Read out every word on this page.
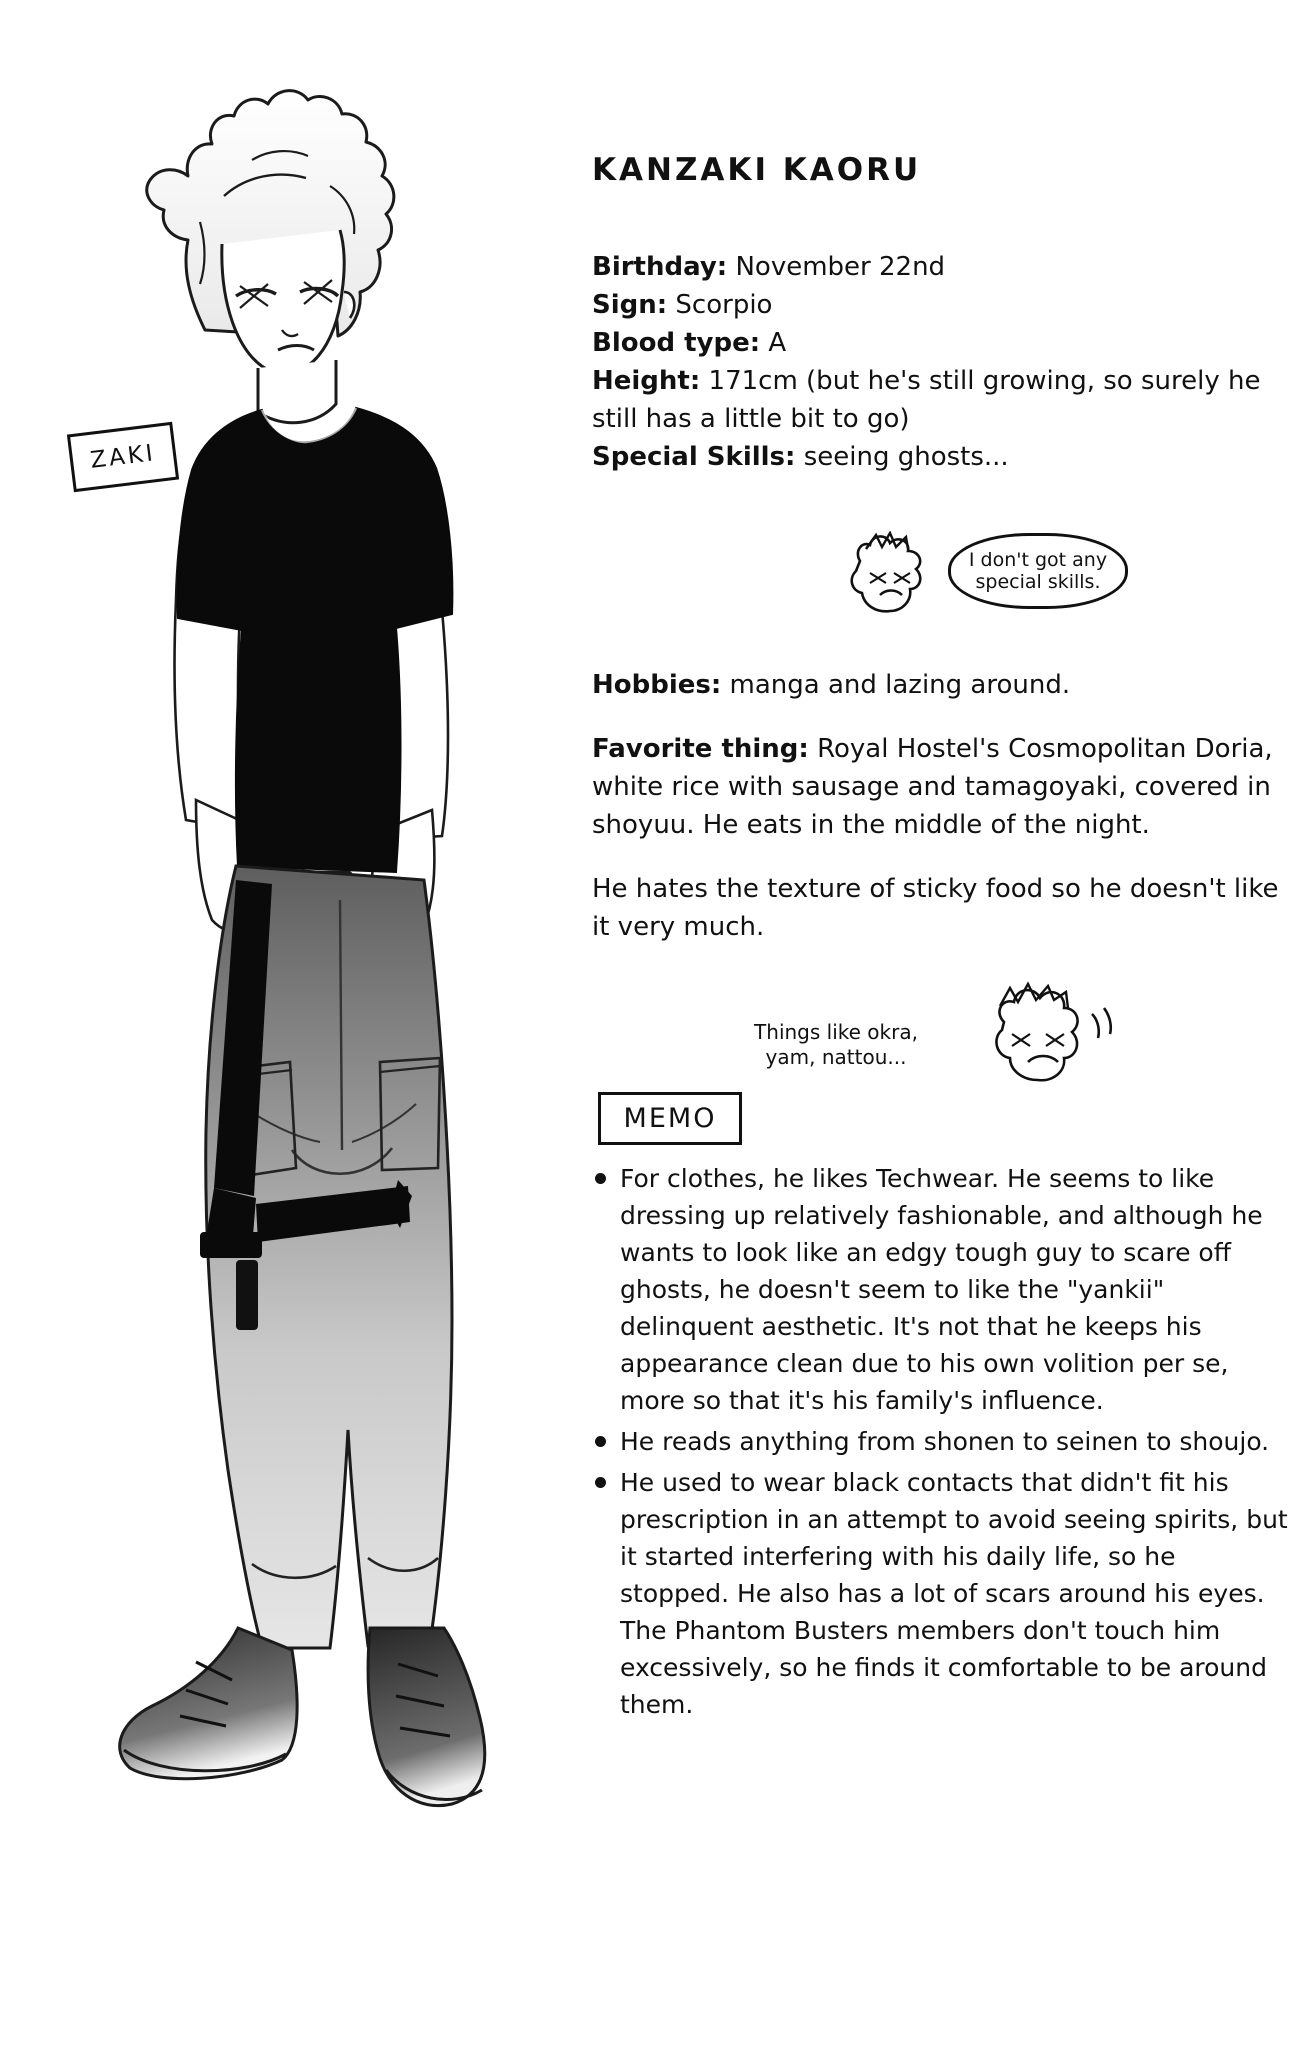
ZAKI
KANZAKI KAORU

Birthday: November 22nd

Sign: Scorpio

Blood type: A

Height: 171cm (but he's still growing, so surely he still has a little bit to go)

Special Skills: seeing ghosts...

I don't got any special skills.

Hobbies: manga and lazing around.

Favorite thing: Royal Hostel's Cosmopolitan Doria, white rice with sausage and tamagoyaki, covered in shoyuu. He eats in the middle of the night.

He hates the texture of sticky food so he doesn't like it very much.

Things like okra, yam, nattou...
MEMO
For clothes, he likes Techwear. He seems to like dressing up relatively fashionable, and although he wants to look like an edgy tough guy to scare off ghosts, he doesn't seem to like the "yankii" delinquent aesthetic. It's not that he keeps his appearance clean due to his own volition per se, more so that it's his family's influence.
He reads anything from shonen to seinen to shoujo.
He used to wear black contacts that didn't fit his prescription in an attempt to avoid seeing spirits, but it started interfering with his daily life, so he stopped. He also has a lot of scars around his eyes. The Phantom Busters members don't touch him excessively, so he finds it comfortable to be around them.
